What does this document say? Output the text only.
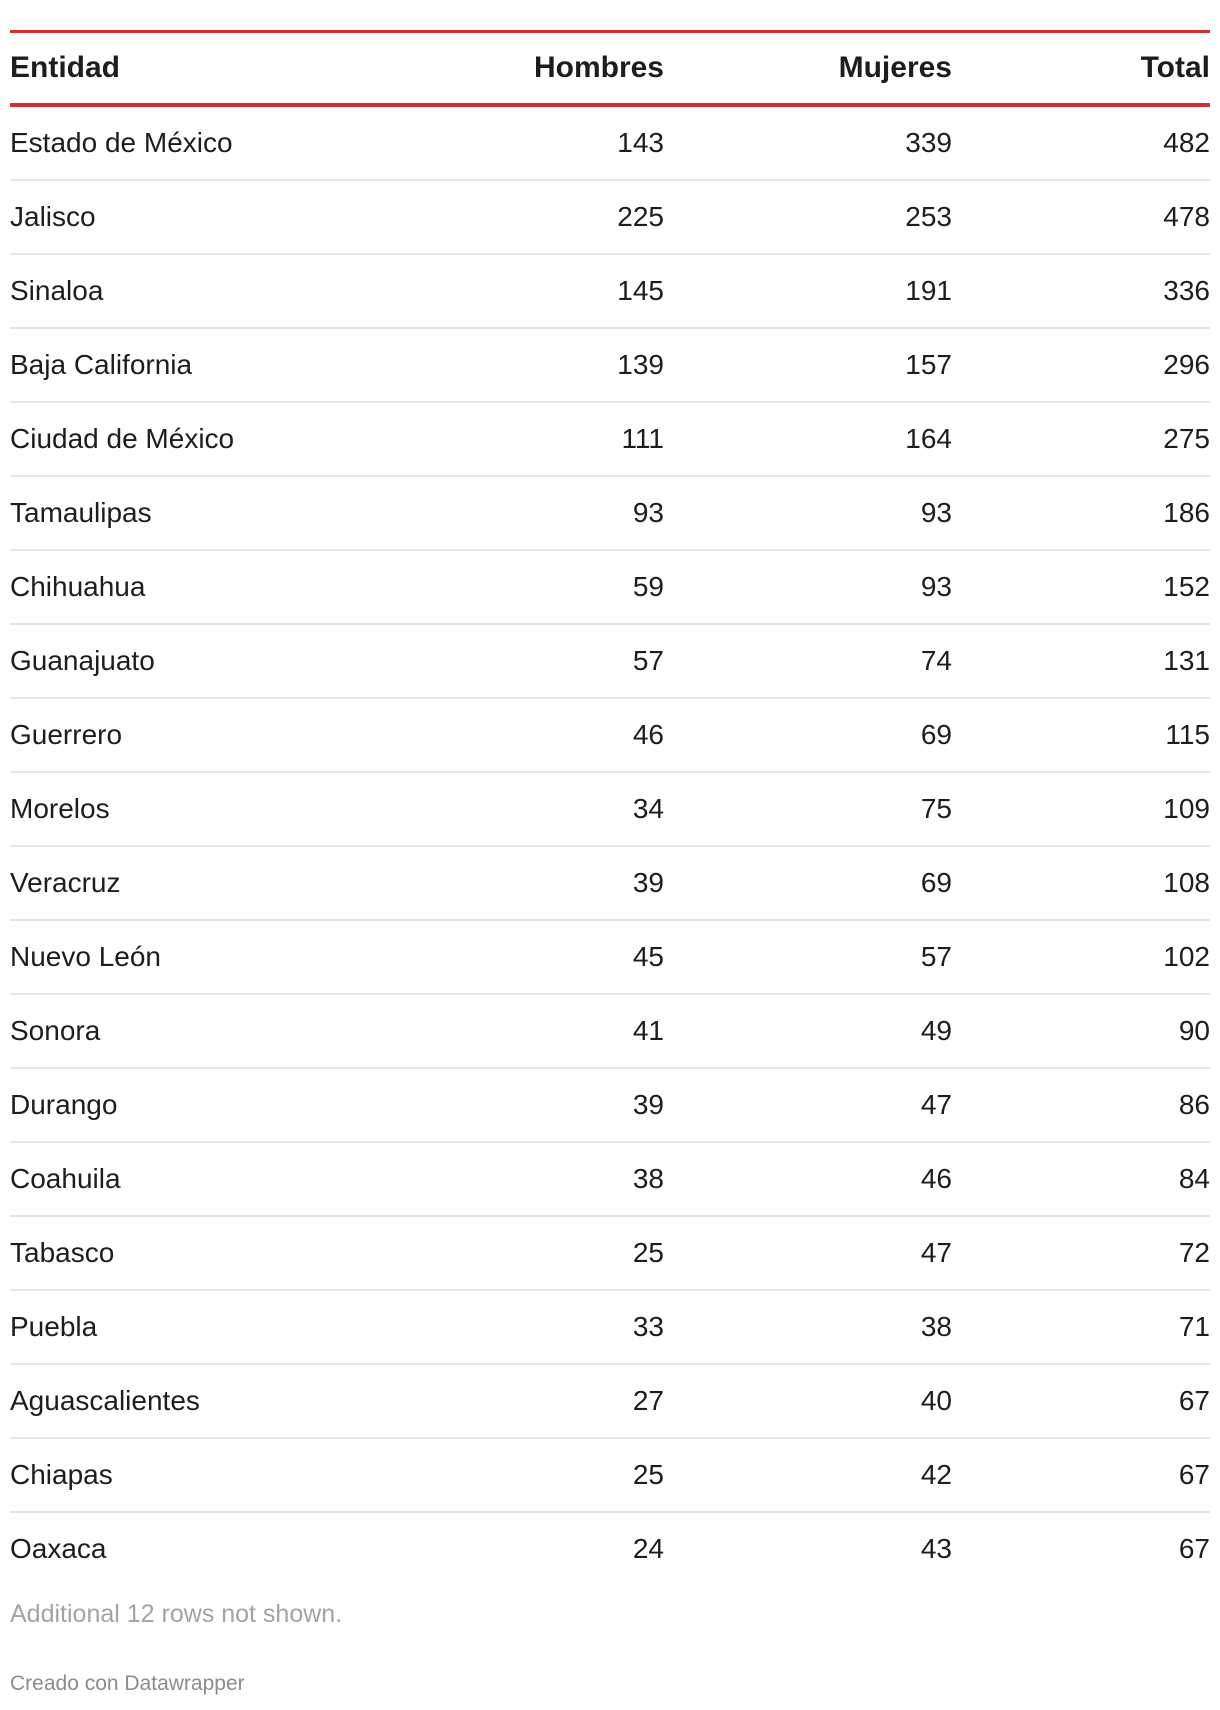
Entidad	Hombres	Mujeres	Total
Estado de México	143	339	482
Jalisco	225	253	478
Sinaloa	145	191	336
Baja California	139	157	296
Ciudad de México	111	164	275
Tamaulipas	93	93	186
Chihuahua	59	93	152
Guanajuato	57	74	131
Guerrero	46	69	115
Morelos	34	75	109
Veracruz	39	69	108
Nuevo León	45	57	102
Sonora	41	49	90
Durango	39	47	86
Coahuila	38	46	84
Tabasco	25	47	72
Puebla	33	38	71
Aguascalientes	27	40	67
Chiapas	25	42	67
Oaxaca	24	43	67
Additional 12 rows not shown.
Creado con Datawrapper
